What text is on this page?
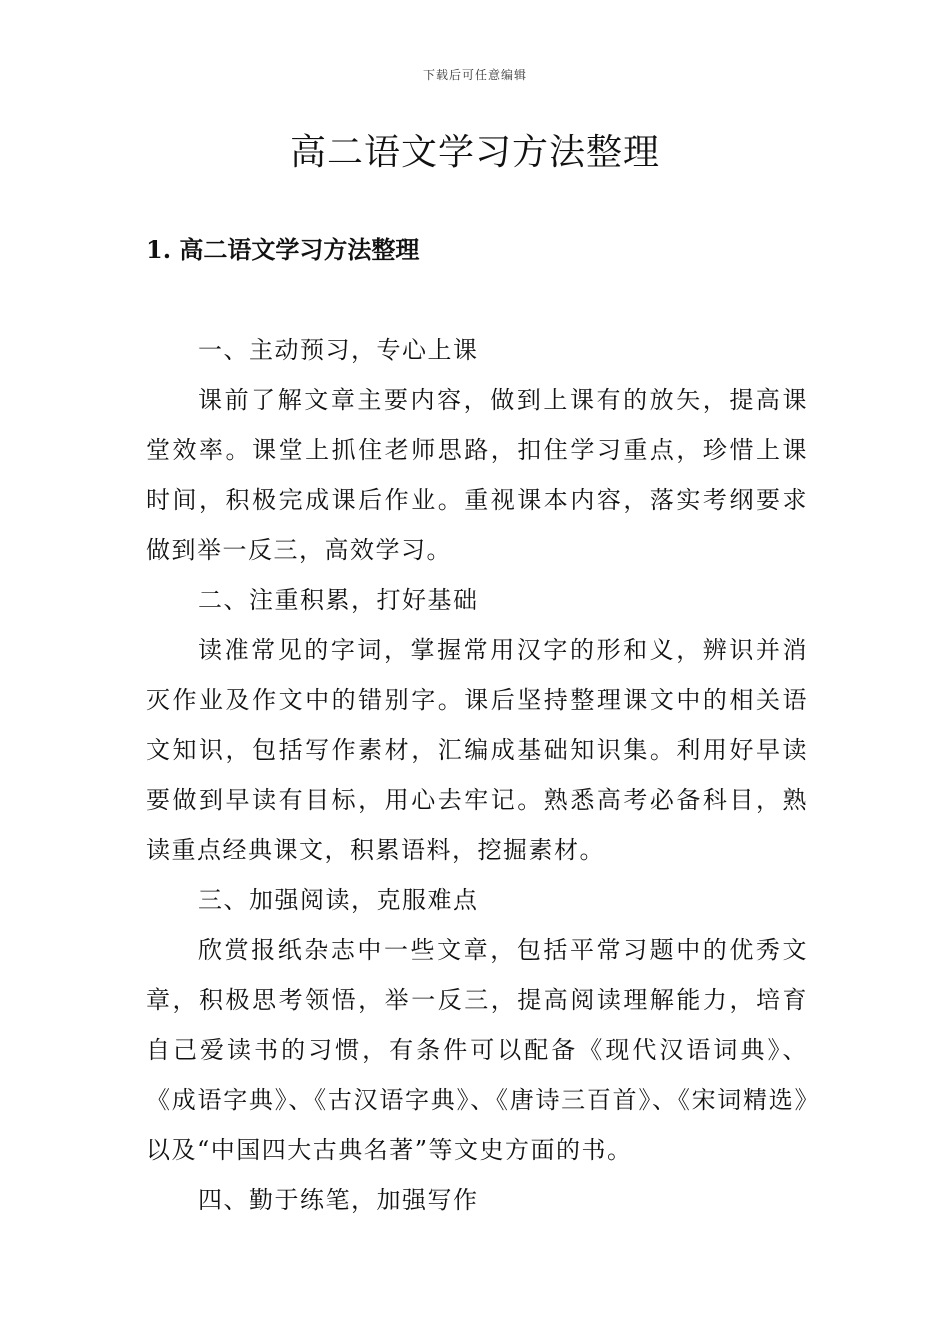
下载后可任意编辑
高二语文学习方法整理
1. 高二语文学习方法整理

一、主动预习，专心上课

课前了解文章主要内容，做到上课有的放矢，提高课堂效率。课堂上抓住老师思路，扣住学习重点，珍惜上课时间，积极完成课后作业。重视课本内容，落实考纲要求做到举一反三，高效学习。

二、注重积累，打好基础

读准常见的字词，掌握常用汉字的形和义，辨识并消灭作业及作文中的错别字。课后坚持整理课文中的相关语文知识，包括写作素材，汇编成基础知识集。利用好早读要做到早读有目标，用心去牢记。熟悉高考必备科目，熟读重点经典课文，积累语料，挖掘素材。

三、加强阅读，克服难点

欣赏报纸杂志中一些文章，包括平常习题中的优秀文章，积极思考领悟，举一反三，提高阅读理解能力，培育自己爱读书的习惯，有条件可以配备《现代汉语词典》、《成语字典》、《古汉语字典》、《唐诗三百首》、《宋词精选》以及“中国四大古典名著”等文史方面的书。

四、勤于练笔，加强写作
